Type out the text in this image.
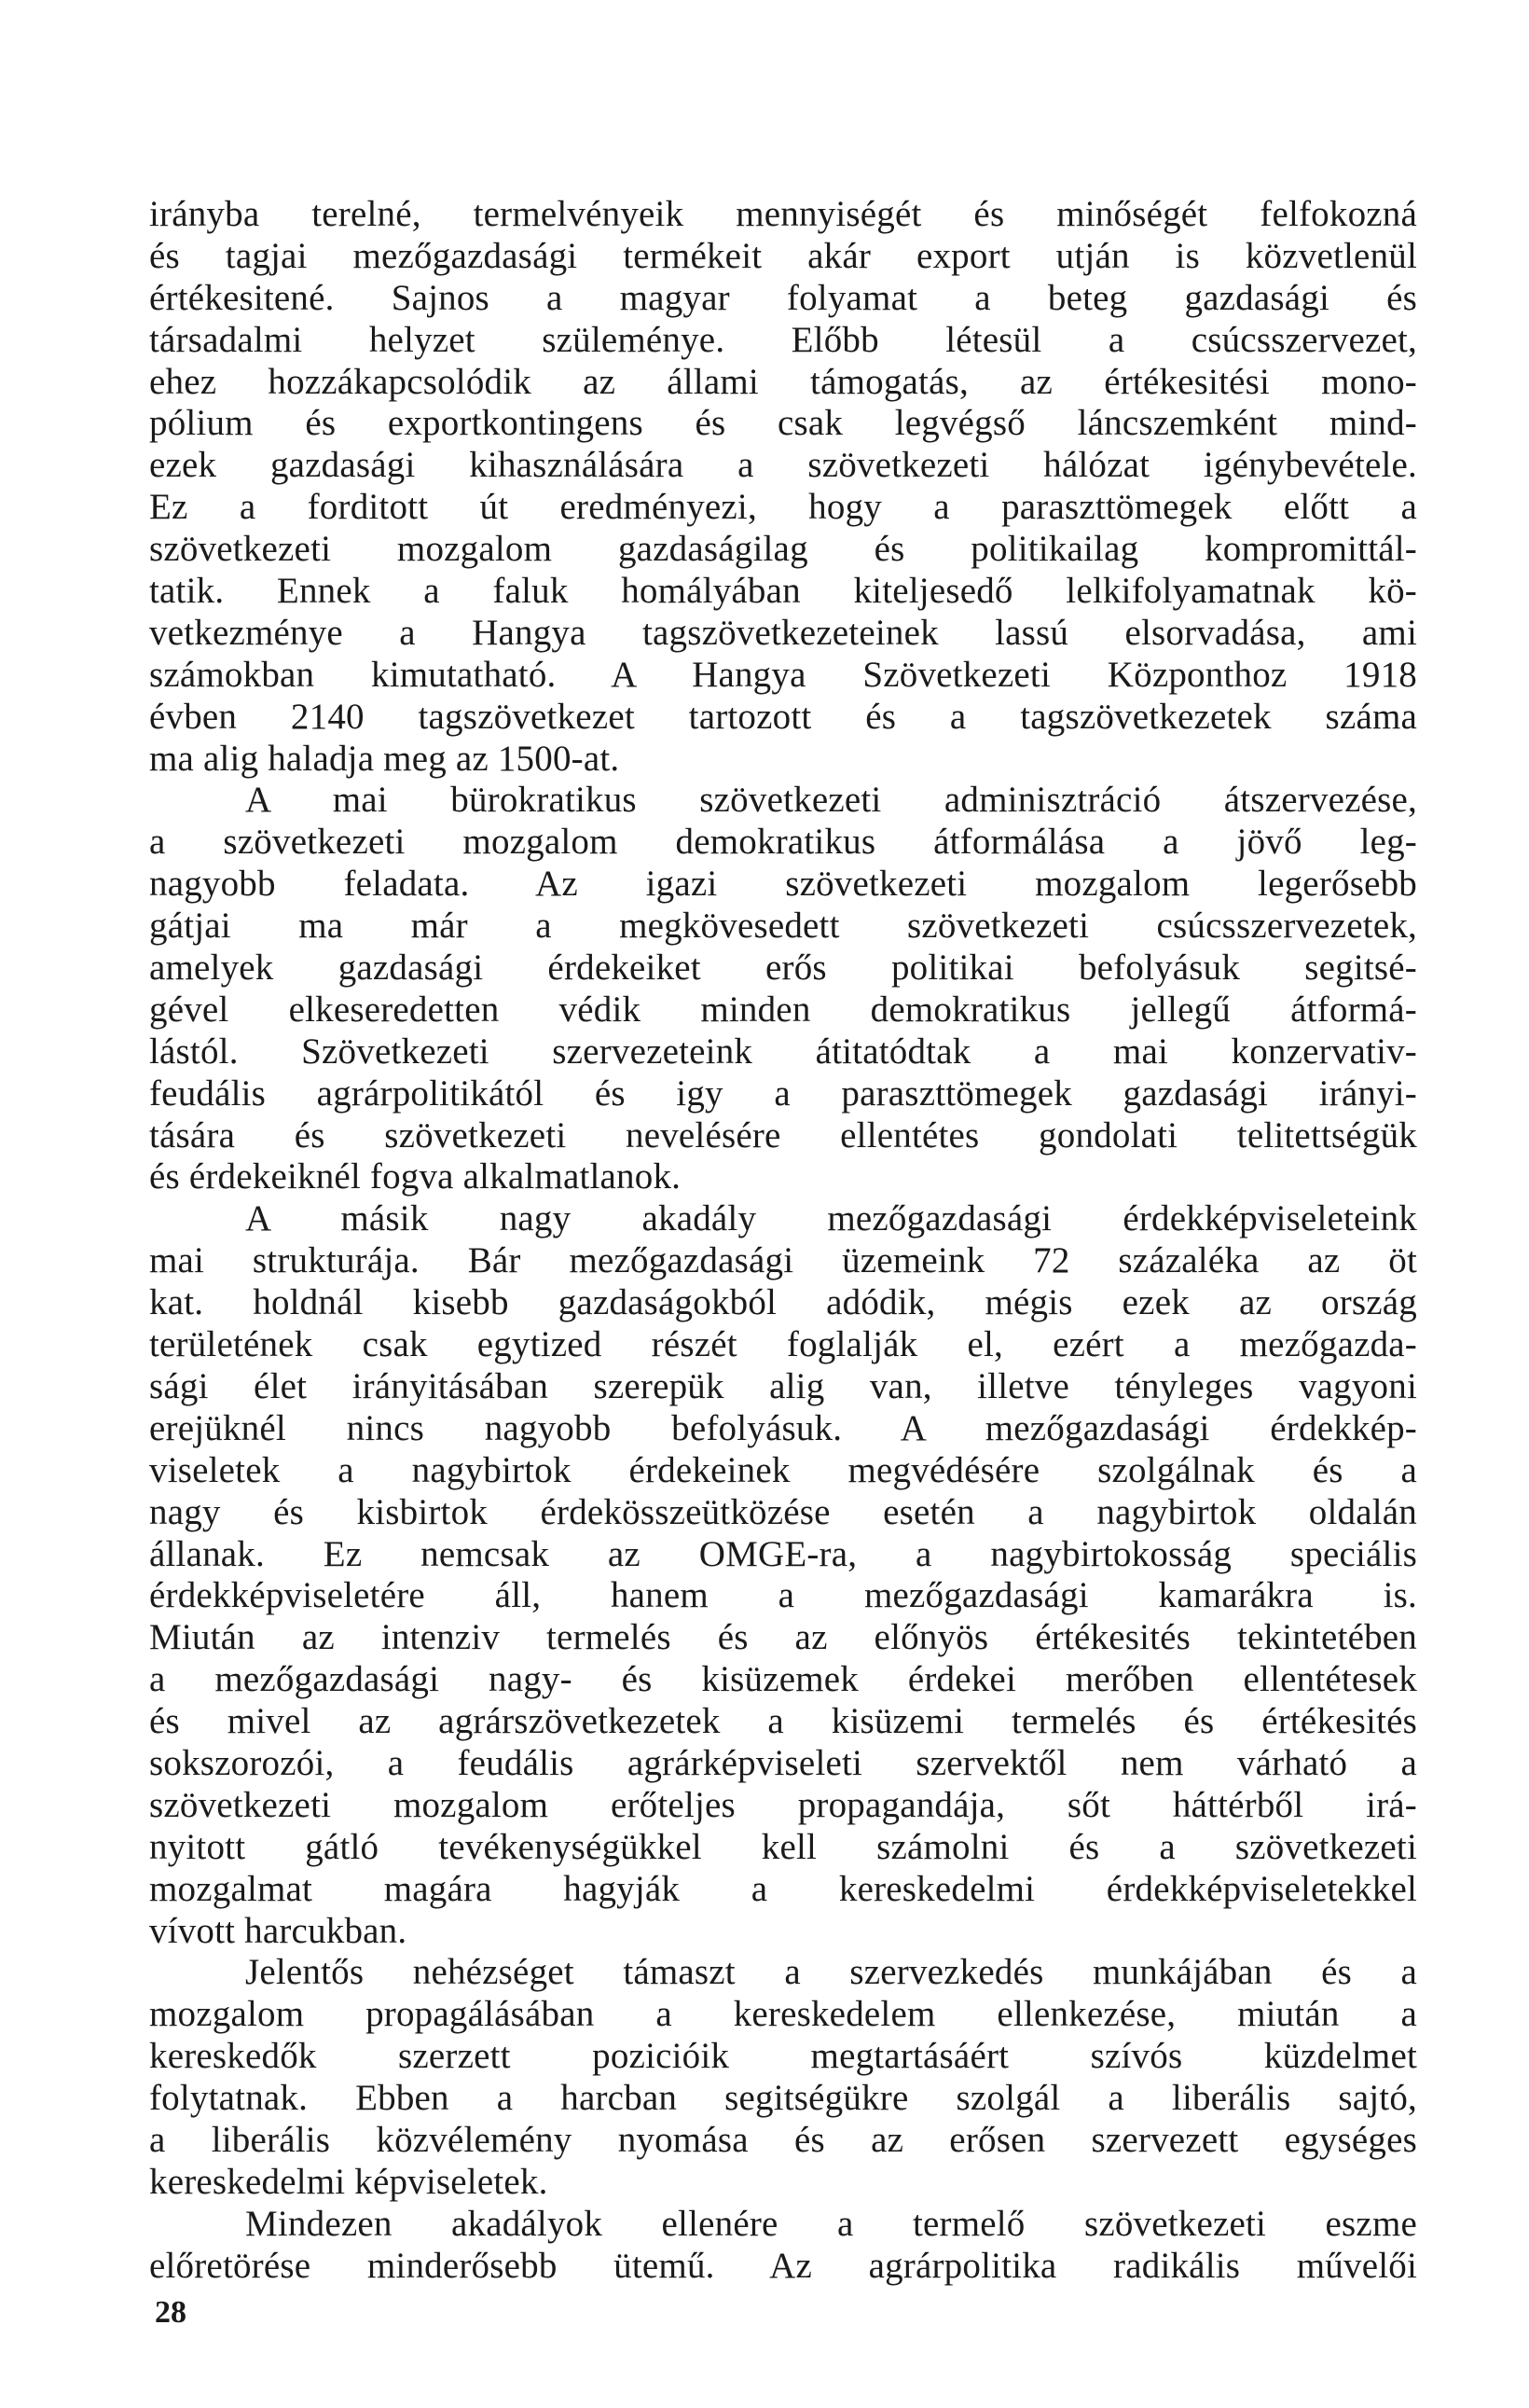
irányba terelné, termelvényeik mennyiségét és minőségét felfokozná
és tagjai mezőgazdasági termékeit akár export utján is közvetlenül
értékesitené. Sajnos a magyar folyamat a beteg gazdasági és
társadalmi helyzet szüleménye. Előbb létesül a csúcsszervezet,
ehez hozzákapcsolódik az állami támogatás, az értékesitési mono-
pólium és exportkontingens és csak legvégső láncszemként mind-
ezek gazdasági kihasználására a szövetkezeti hálózat igénybevétele.
Ez a forditott út eredményezi, hogy a paraszttömegek előtt a
szövetkezeti mozgalom gazdaságilag és politikailag kompromittál-
tatik. Ennek a faluk homályában kiteljesedő lelkifolyamatnak kö-
vetkezménye a Hangya tagszövetkezeteinek lassú elsorvadása, ami
számokban kimutatható. A Hangya Szövetkezeti Központhoz 1918
évben 2140 tagszövetkezet tartozott és a tagszövetkezetek száma
ma alig haladja meg az 1500-at.
A mai bürokratikus szövetkezeti adminisztráció átszervezése,
a szövetkezeti mozgalom demokratikus átformálása a jövő leg-
nagyobb feladata. Az igazi szövetkezeti mozgalom legerősebb
gátjai ma már a megkövesedett szövetkezeti csúcsszervezetek,
amelyek gazdasági érdekeiket erős politikai befolyásuk segitsé-
gével elkeseredetten védik minden demokratikus jellegű átformá-
lástól. Szövetkezeti szervezeteink átitatódtak a mai konzervativ-
feudális agrárpolitikától és igy a paraszttömegek gazdasági irányi-
tására és szövetkezeti nevelésére ellentétes gondolati telitettségük
és érdekeiknél fogva alkalmatlanok.
A másik nagy akadály mezőgazdasági érdekképviseleteink
mai strukturája. Bár mezőgazdasági üzemeink 72 százaléka az öt
kat. holdnál kisebb gazdaságokból adódik, mégis ezek az ország
területének csak egytized részét foglalják el, ezért a mezőgazda-
sági élet irányitásában szerepük alig van, illetve tényleges vagyoni
erejüknél nincs nagyobb befolyásuk. A mezőgazdasági érdekkép-
viseletek a nagybirtok érdekeinek megvédésére szolgálnak és a
nagy és kisbirtok érdekösszeütközése esetén a nagybirtok oldalán
állanak. Ez nemcsak az OMGE-ra, a nagybirtokosság speciális
érdekképviseletére áll, hanem a mezőgazdasági kamarákra is.
Miután az intenziv termelés és az előnyös értékesités tekintetében
a mezőgazdasági nagy- és kisüzemek érdekei merőben ellentétesek
és mivel az agrárszövetkezetek a kisüzemi termelés és értékesités
sokszorozói, a feudális agrárképviseleti szervektől nem várható a
szövetkezeti mozgalom erőteljes propagandája, sőt háttérből irá-
nyitott gátló tevékenységükkel kell számolni és a szövetkezeti
mozgalmat magára hagyják a kereskedelmi érdekképviseletekkel
vívott harcukban.
Jelentős nehézséget támaszt a szervezkedés munkájában és a
mozgalom propagálásában a kereskedelem ellenkezése, miután a
kereskedők szerzett pozicióik megtartásáért szívós küzdelmet
folytatnak. Ebben a harcban segitségükre szolgál a liberális sajtó,
a liberális közvélemény nyomása és az erősen szervezett egységes
kereskedelmi képviseletek.
Mindezen akadályok ellenére a termelő szövetkezeti eszme
előretörése minderősebb ütemű. Az agrárpolitika radikális művelői
28
